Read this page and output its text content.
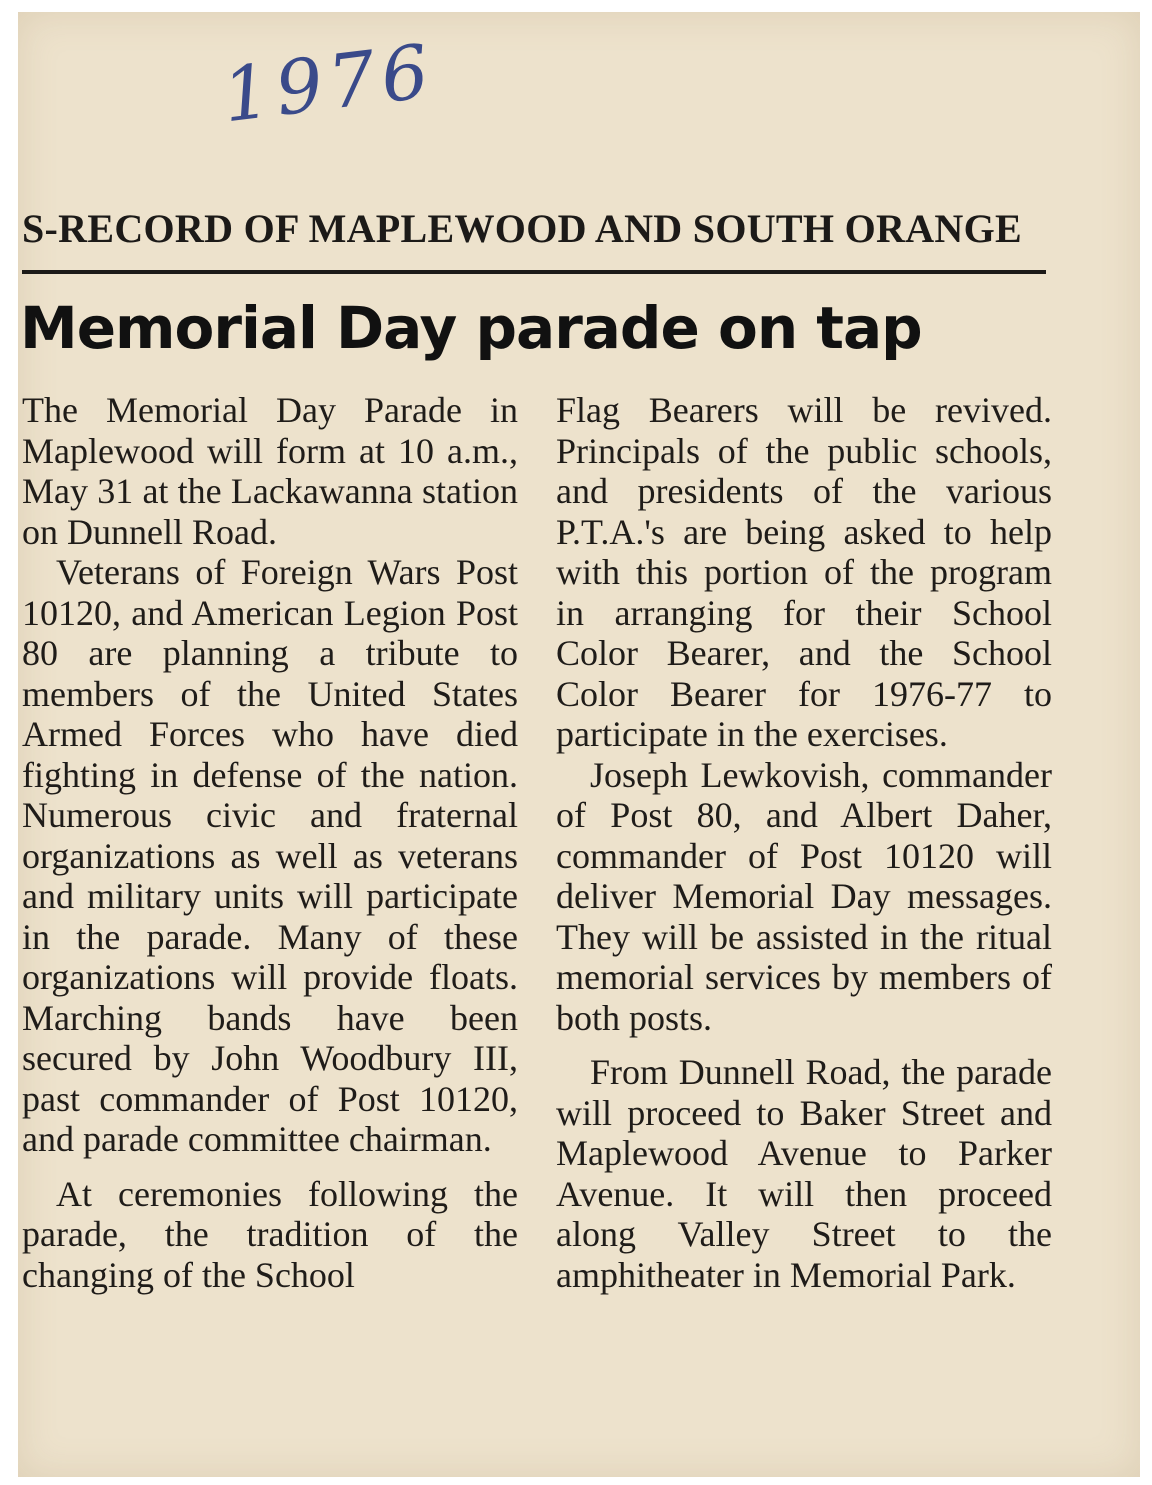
1976
S-RECORD OF MAPLEWOOD AND SOUTH ORANGE
Memorial Day parade on tap

The Memorial Day Parade in Maplewood will form at 10 a.m., May 31 at the Lackawanna station on Dunnell Road.

Veterans of Foreign Wars Post 10120, and American Legion Post 80 are planning a tribute to members of the United States Armed Forces who have died fighting in defense of the nation. Numerous civic and fraternal organizations as well as veterans and military units will participate in the parade. Many of these organizations will provide floats. Marching bands have been secured by John Woodbury III, past commander of Post 10120, and parade committee chairman.

At ceremonies following the parade, the tradition of the changing of the School

Flag Bearers will be revived. Principals of the public schools, and presidents of the various P.T.A.'s are being asked to help with this portion of the program in arranging for their School Color Bearer, and the School Color Bearer for 1976-77 to participate in the exercises.

Joseph Lewkovish, commander of Post 80, and Albert Daher, commander of Post 10120 will deliver Memorial Day messages. They will be assisted in the ritual memorial services by members of both posts.

From Dunnell Road, the parade will proceed to Baker Street and Maplewood Avenue to Parker Avenue. It will then proceed along Valley Street to the amphitheater in Memorial Park.
